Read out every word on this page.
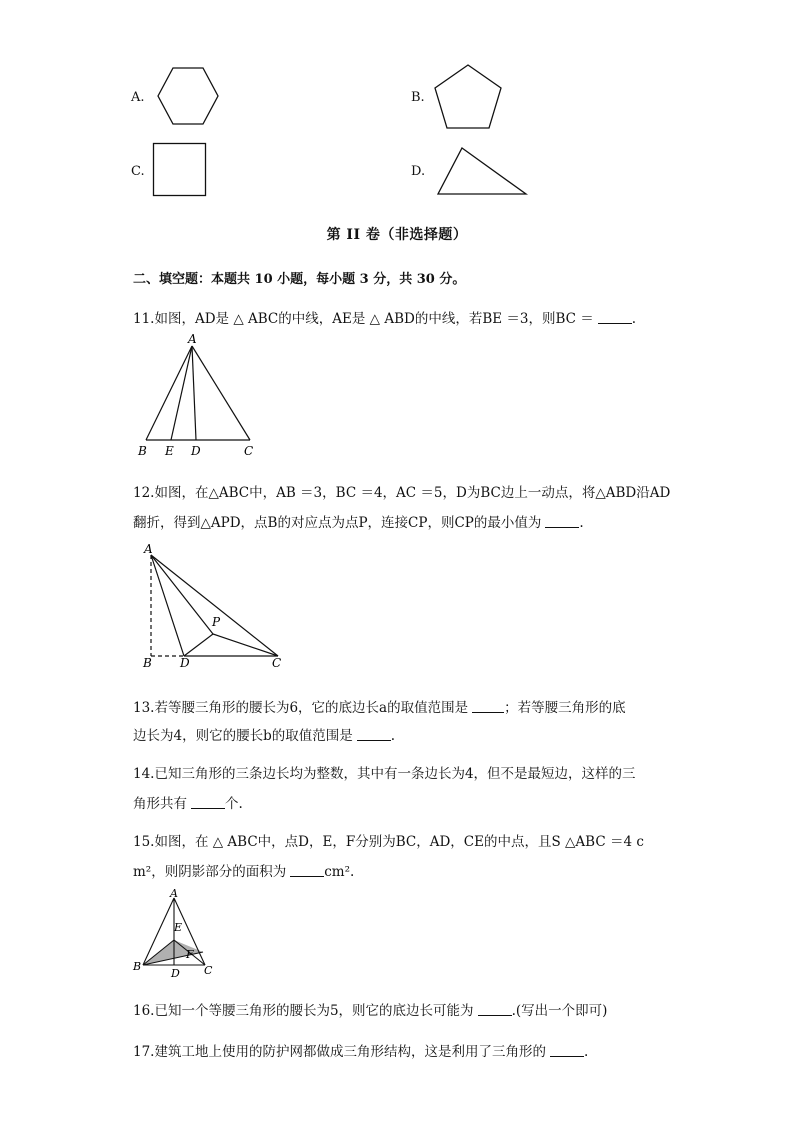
A.	B.
C.	D.
第 II 卷（非选择题）
二、填空题：本题共 10 小题，每小题 3 分，共 30 分。
11.如图，AD是 △ ABC的中线，AE是 △ ABD的中线，若BE ＝3，则BC ＝	.
A
B E D	C
12.如图，在△ABC中，AB ＝3，BC ＝4，AC ＝5，D为BC边上一动点，将△ABD沿AD
翻折，得到△APD，点B的对应点为点P，连接CP，则CP的最小值为	.
A
P
B D	C
13.若等腰三角形的腰长为6，它的底边长a的取值范围是	；若等腰三角形的底
边长为4，则它的腰长b的取值范围是	.
14.已知三角形的三条边长均为整数，其中有一条边长为4，但不是最短边，这样的三
角形共有	个.
15.如图，在 △ ABC中，点D，E，F分别为BC，AD，CE的中点，且S △ABC ＝4 c
m²，则阴影部分的面积为	cm².
A
E
F
B
D C
16.已知一个等腰三角形的腰长为5，则它的底边长可能为	.(写出一个即可)
17.建筑工地上使用的防护网都做成三角形结构，这是利用了三角形的	.
